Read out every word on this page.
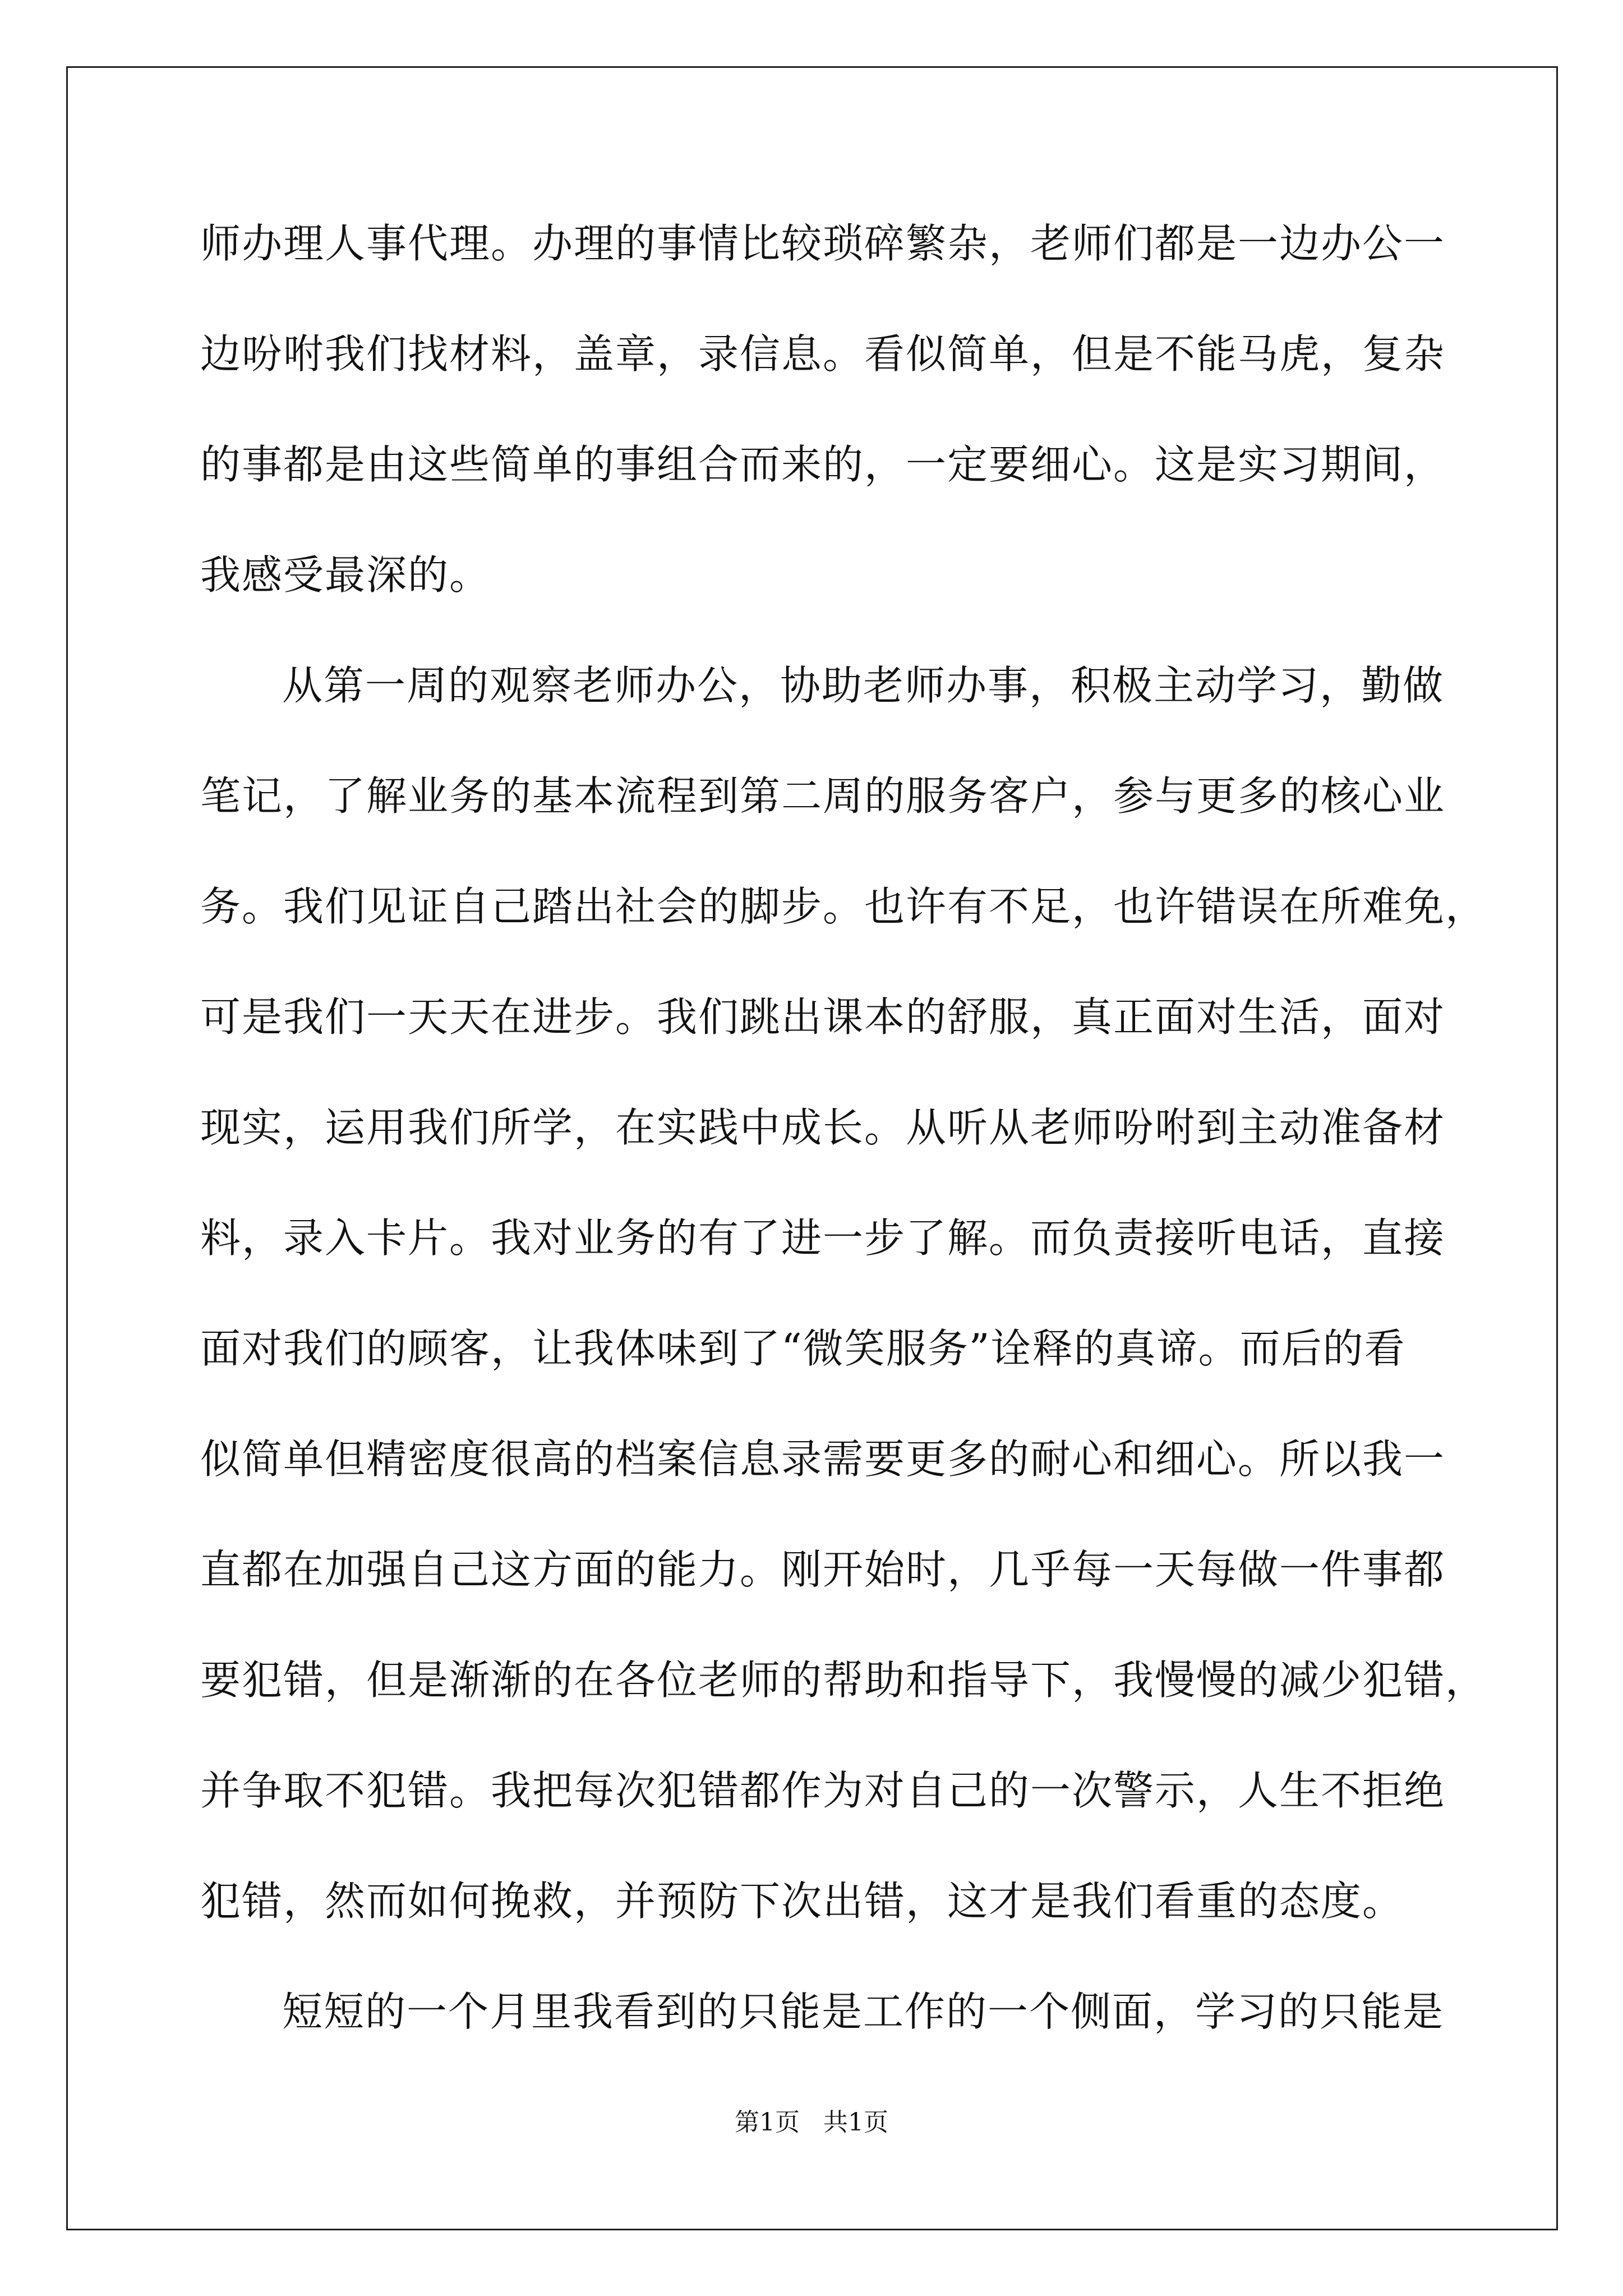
师办理人事代理。办理的事情比较琐碎繁杂，老师们都是一边办公一
边吩咐我们找材料，盖章，录信息。看似简单，但是不能马虎，复杂
的事都是由这些简单的事组合而来的，一定要细心。这是实习期间，
我感受最深的。
从第一周的观察老师办公，协助老师办事，积极主动学习，勤做
笔记，了解业务的基本流程到第二周的服务客户，参与更多的核心业
务。我们见证自己踏出社会的脚步。也许有不足，也许错误在所难免，
可是我们一天天在进步。我们跳出课本的舒服，真正面对生活，面对
现实，运用我们所学，在实践中成长。从听从老师吩咐到主动准备材
料，录入卡片。我对业务的有了进一步了解。而负责接听电话，直接
面对我们的顾客，让我体味到了“微笑服务”诠释的真谛。而后的看
似简单但精密度很高的档案信息录需要更多的耐心和细心。所以我一
直都在加强自己这方面的能力。刚开始时，几乎每一天每做一件事都
要犯错，但是渐渐的在各位老师的帮助和指导下，我慢慢的减少犯错，
并争取不犯错。我把每次犯错都作为对自己的一次警示，人生不拒绝
犯错，然而如何挽救，并预防下次出错，这才是我们看重的态度。
短短的一个月里我看到的只能是工作的一个侧面，学习的只能是
第1页 共1页
